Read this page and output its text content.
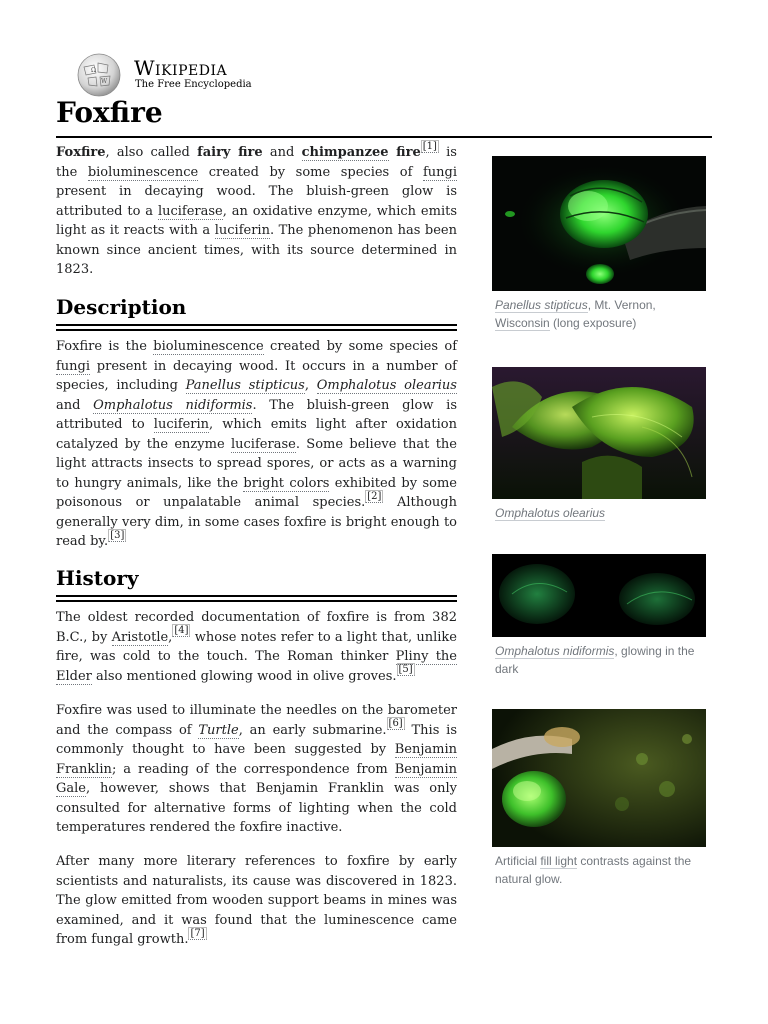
Ω
W
Wikipedia
The Free Encyclopedia
Foxfire

Foxfire, also called fairy fire and chimpanzee fire [1] is the bioluminescence created by some species of fungi present in decaying wood. The bluish-green glow is attributed to a luciferase, an oxidative enzyme, which emits light as it reacts with a luciferin. The phenomenon has been known since ancient times, with its source determined in 1823.

Description

Foxfire is the bioluminescence created by some species of fungi present in decaying wood. It occurs in a number of species, including Panellus stipticus, Omphalotus olearius and Omphalotus nidiformis. The bluish-green glow is attributed to luciferin, which emits light after oxidation catalyzed by the enzyme luciferase. Some believe that the light attracts insects to spread spores, or acts as a warning to hungry animals, like the bright colors exhibited by some poisonous or unpalatable animal species. [2] Although generally very dim, in some cases foxfire is bright enough to read by. [3]

History

The oldest recorded documentation of foxfire is from 382 B.C., by Aristotle, [4] whose notes refer to a light that, unlike fire, was cold to the touch. The Roman thinker Pliny the Elder also mentioned glowing wood in olive groves. [5]

Foxfire was used to illuminate the needles on the barometer and the compass of Turtle, an early submarine. [6] This is commonly thought to have been suggested by Benjamin Franklin; a reading of the correspondence from Benjamin Gale, however, shows that Benjamin Franklin was only consulted for alternative forms of lighting when the cold temperatures rendered the foxfire inactive.

After many more literary references to foxfire by early scientists and naturalists, its cause was discovered in 1823. The glow emitted from wooden support beams in mines was examined, and it was found that the luminescence came from fungal growth. [7]

Panellus stipticus, Mt. Vernon, Wisconsin (long exposure)
Omphalotus olearius
Omphalotus nidiformis, glowing in the dark
Artificial fill light contrasts against the natural glow.
